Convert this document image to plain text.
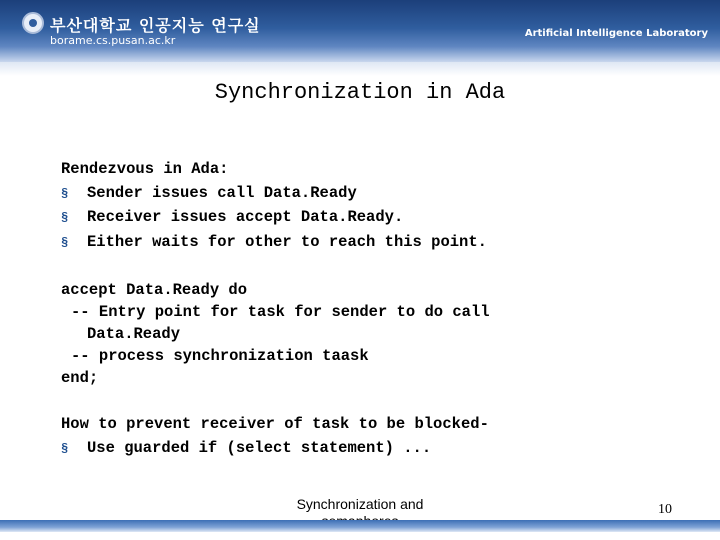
부산대학교 인공지능 연구실
borame.cs.pusan.ac.kr
Artificial Intelligence Laboratory
Synchronization in Ada
Rendezvous in Ada:
§ Sender issues call Data.Ready
§ Receiver issues accept Data.Ready.
§ Either waits for other to reach this point.
accept Data.Ready do
-- Entry point for task for sender to do call
Data.Ready
-- process synchronization taask
end;
How to prevent receiver of task to be blocked-
§ Use guarded if (select statement) ...
Synchronization and	10
